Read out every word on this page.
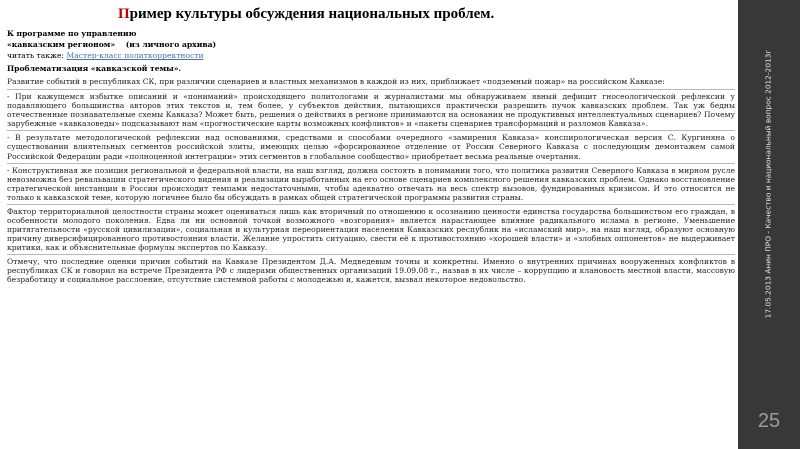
Пример культуры обсуждения национальных проблем.

К программе по управлению

«кавказским регионом» (из личного архива)

читать также: Мастер-класс политкорректности

Проблематизация «кавказской темы».

Развитие событий в республиках СК, при различии сценариев и властных механизмов в каждой из них, приближает «подземный пожар» на российском Кавказе:

- При кажущемся избытке описаний и «пониманий» происходящего политологами и журналистами мы обнаруживаем явный дефицит гносеологической рефлексии у подавляющего большинства авторов этих текстов и, тем более, у субъектов действия, пытающихся практически разрешить пучок кавказских проблем. Так уж бедны отечественные познавательные схемы Кавказа? Может быть, решения о действиях в регионе принимаются на основании не продуктивных интеллектуальных сценариев? Почему зарубежные «кавказоведы» подсказывают нам «прогностические карты возможных конфликтов» и «пакеты сценариев трансформаций и разломов Кавказа».

- В результате методологической рефлексии над основаниями, средствами и способами очередного «замирения Кавказа» конспирологическая версия С. Кургиняна о существовании влиятельных сегментов российской элиты, имеющих целью «форсированное отделение от России Северного Кавказа с последующим демонтажем самой Российской Федерации ради «полноценной интеграции» этих сегментов в глобальное сообщество» приобретает весьма реальные очертания.

- Конструктивная же позиция региональной и федеральной власти, на наш взгляд, должна состоять в понимании того, что политика развития Северного Кавказа в мирном русле невозможна без ревальвации стратегического видения и реализации выработанных на его основе сценариев комплексного решения кавказских проблем. Однако восстановление стратегической инстанции в России происходит темпами недостаточными, чтобы адекватно отвечать на весь спектр вызовов, фундированных кризисом. И это относится не только к кавказской теме, которую логичнее было бы обсуждать в рамках общей стратегической программы развития страны.

Фактор территориальной целостности страны может оцениваться лишь как вторичный по отношению к осознанию ценности единства государства большинством его граждан, в особенности молодого поколения. Едва ли ни основной точкой возможного «возгорания» является нарастающее влияние радикального ислама в регионе. Уменьшение притягательности «русской цивилизации», социальная и культурная переориентация населения Кавказских республик на «исламский мир», на наш взгляд, образуют основную причину диверсифицированного противостояния власти. Желание упростить ситуацию, свести её к противостоянию «хорошей власти» и «злобных оппонентов» не выдерживает критики, как и объяснительные формулы экспертов по Кавказу.

Отмечу, что последние оценки причин событий на Кавказе Президентом Д.А. Медведевым точны и конкретны. Именно о внутренних причинах вооруженных конфликтов в республиках СК и говорил на встрече Президента РФ с лидерами общественных организаций 19.09.08 г., назвав в их числе – коррупцию и клановость местной власти, массовую безработицу и социальное расслоение, отсутствие системной работы с молодежью и, кажется, вызвал некоторое недовольство.	17.05.2013 Анин ПРО - Качество и национальный вопрос 2012-2013г
25
